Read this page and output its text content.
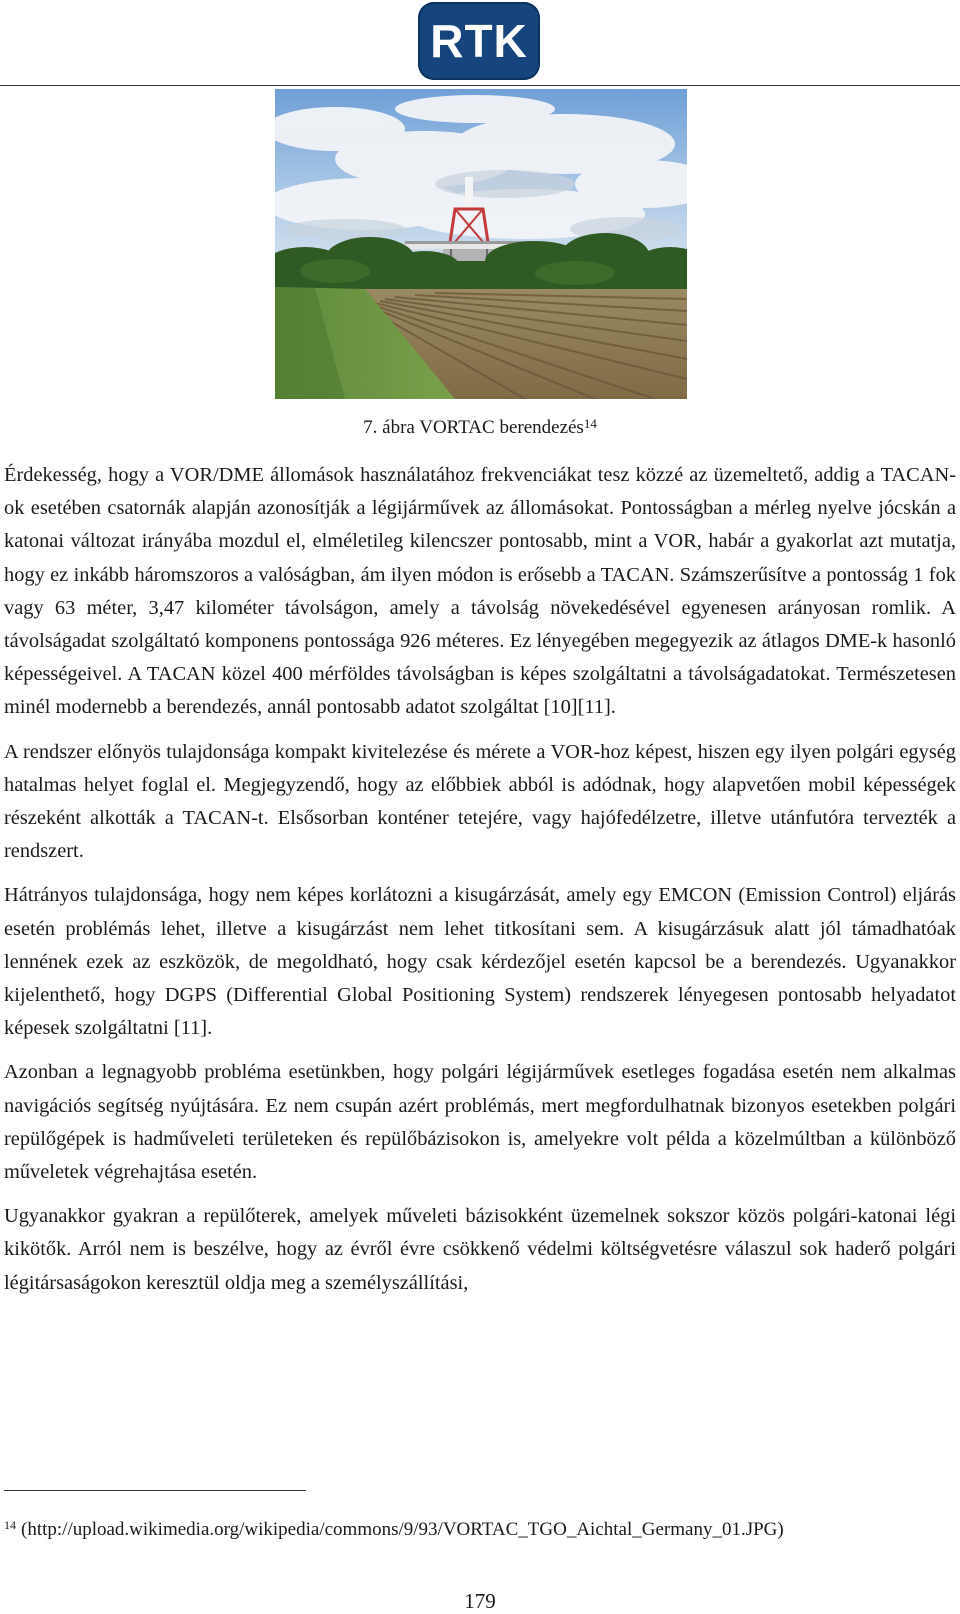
RTK
7. ábra VORTAC berendezés$^{14}$

Érdekesség, hogy a VOR/DME állomások használatához frekvenciákat tesz közzé az üzemeltető, addig a TACAN-ok esetében csatornák alapján azonosítják a légijárművek az állomásokat. Pontosságban a mérleg nyelve jócskán a katonai változat irányába mozdul el, elméletileg kilencszer pontosabb, mint a VOR, habár a gyakorlat azt mutatja, hogy ez inkább háromszoros a valóságban, ám ilyen módon is erősebb a TACAN. Számszerűsítve a pontosság 1 fok vagy 63 méter, 3,47 kilométer távolságon, amely a távolság növekedésével egyenesen arányosan romlik. A távolságadat szolgáltató komponens pontossága 926 méteres. Ez lényegében megegyezik az átlagos DME-k hasonló képességeivel. A TACAN közel 400 mérföldes távolságban is képes szolgáltatni a távolságadatokat. Természetesen minél modernebb a berendezés, annál pontosabb adatot szolgáltat [10][11].

A rendszer előnyös tulajdonsága kompakt kivitelezése és mérete a VOR-hoz képest, hiszen egy ilyen polgári egység hatalmas helyet foglal el. Megjegyzendő, hogy az előbbiek abból is adódnak, hogy alapvetően mobil képességek részeként alkották a TACAN-t. Elsősorban konténer tetejére, vagy hajófedélzetre, illetve utánfutóra tervezték a rendszert.

Hátrányos tulajdonsága, hogy nem képes korlátozni a kisugárzását, amely egy EMCON (Emission Control) eljárás esetén problémás lehet, illetve a kisugárzást nem lehet titkosítani sem. A kisugárzásuk alatt jól támadhatóak lennének ezek az eszközök, de megoldható, hogy csak kérdezőjel esetén kapcsol be a berendezés. Ugyanakkor kijelenthető, hogy DGPS (Differential Global Positioning System) rendszerek lényegesen pontosabb helyadatot képesek szolgáltatni [11].

Azonban a legnagyobb probléma esetünkben, hogy polgári légijárművek esetleges fogadása esetén nem alkalmas navigációs segítség nyújtására. Ez nem csupán azért problémás, mert megfordulhatnak bizonyos esetekben polgári repülőgépek is hadműveleti területeken és repülőbázisokon is, amelyekre volt példa a közelmúltban a különböző műveletek végrehajtása esetén.

Ugyanakkor gyakran a repülőterek, amelyek műveleti bázisokként üzemelnek sokszor közös polgári-katonai légi kikötők. Arról nem is beszélve, hogy az évről évre csökkenő védelmi költségvetésre válaszul sok haderő polgári légitársaságokon keresztül oldja meg a személyszállítási,

$^{14}$ (http://upload.wikimedia.org/wikipedia/commons/9/93/VORTAC_TGO_Aichtal_Germany_01.JPG)
179
